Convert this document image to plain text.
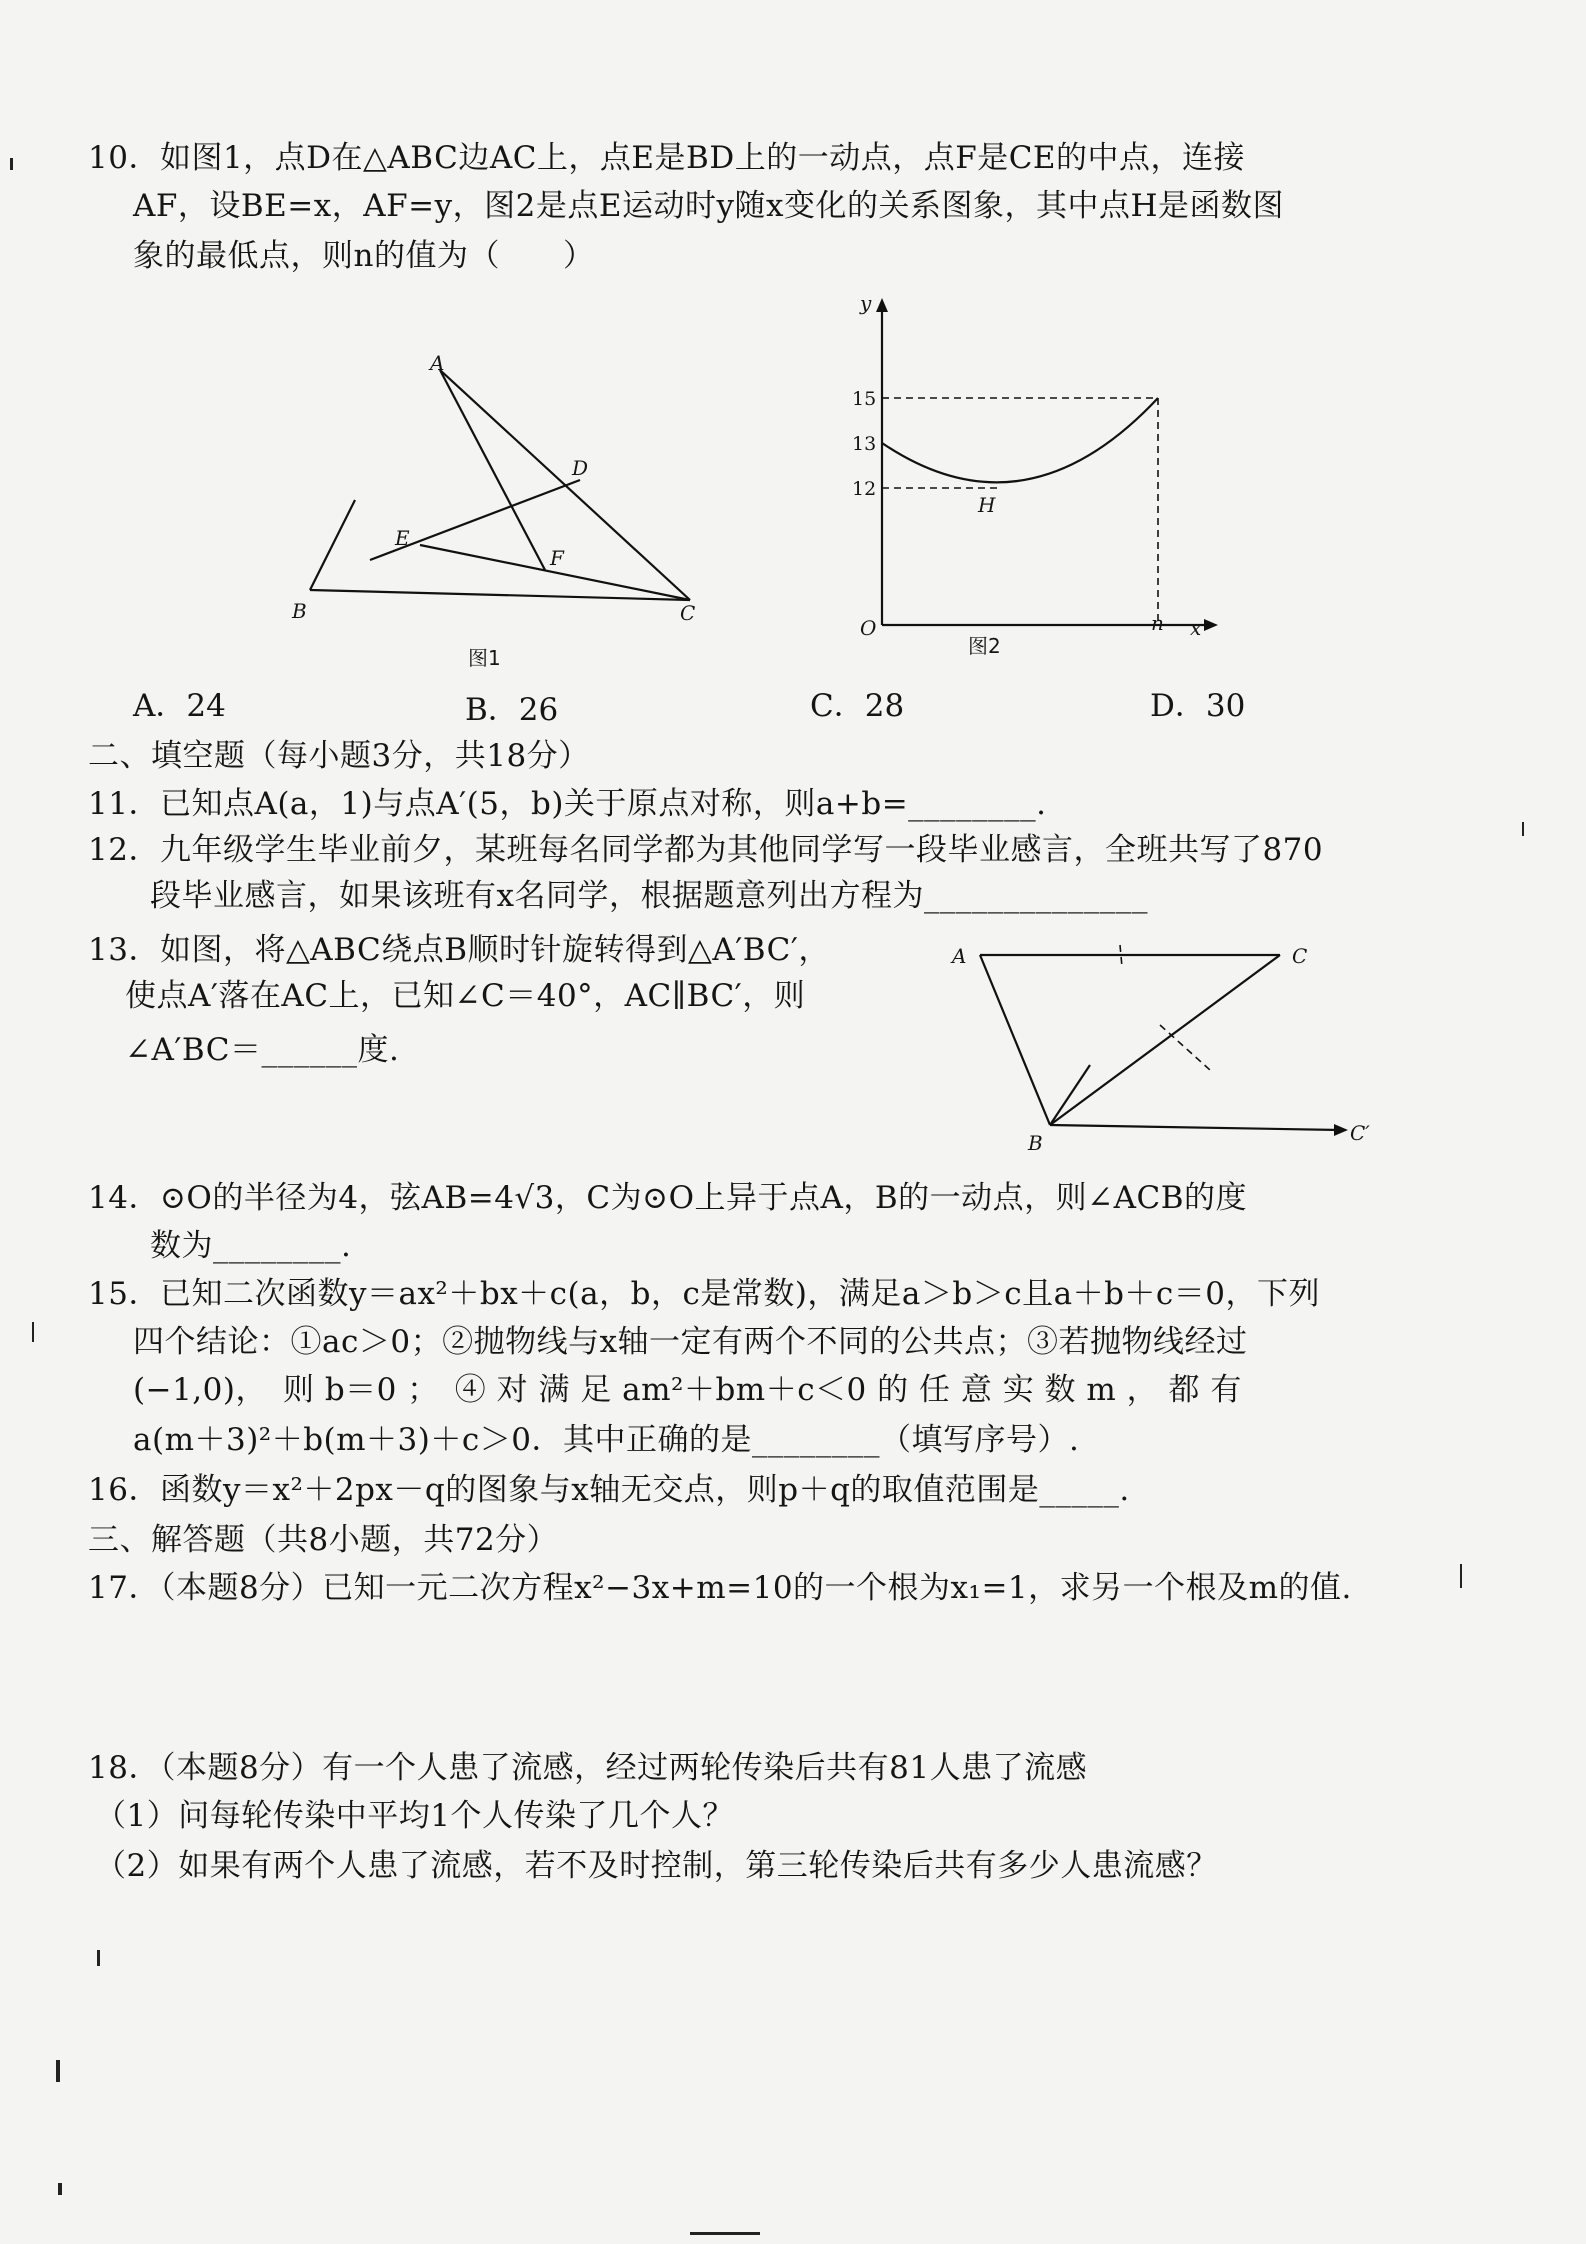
10．如图1，点D在△ABC边AC上，点E是BD上的一动点，点F是CE的中点，连接
AF，设BE=x，AF=y，图2是点E运动时y随x变化的关系图象，其中点H是函数图
象的最低点，则n的值为（　　）
A
B	C
D
E
F
图1
y
15
13
12
H
O	n x
图2
A．24	B．26	C．28	D．30
二、填空题（每小题3分，共18分）
11．已知点A(a，1)与点A′(5，b)关于原点对称，则a+b=________.
12．九年级学生毕业前夕，某班每名同学都为其他同学写一段毕业感言，全班共写了870
段毕业感言，如果该班有x名同学，根据题意列出方程为______________
13．如图，将△ABC绕点B顺时针旋转得到△A′BC′，
使点A′落在AC上，已知∠C＝40°，AC∥BC′，则
∠A′BC＝______度.
A	C
B	C′
14．⊙O的半径为4，弦AB=4√3，C为⊙O上异于点A，B的一动点，则∠ACB的度
数为________.
15．已知二次函数y＝ax²＋bx＋c(a，b，c是常数)，满足a＞b＞c且a＋b＋c＝0，下列
四个结论：①ac＞0；②抛物线与x轴一定有两个不同的公共点；③若抛物线经过
(−1,0)，　则 b＝0 ；　④ 对 满 足 am²＋bm＋c＜0 的 任 意 实 数 m ， 都 有
a(m＋3)²＋b(m＋3)＋c＞0．其中正确的是________（填写序号）.
16．函数y＝x²＋2px－q的图象与x轴无交点，则p＋q的取值范围是_____.
三、解答题（共8小题，共72分）
17．（本题8分）已知一元二次方程x²−3x+m=10的一个根为x₁=1，求另一个根及m的值.
18．（本题8分）有一个人患了流感，经过两轮传染后共有81人患了流感
（1）问每轮传染中平均1个人传染了几个人？
（2）如果有两个人患了流感，若不及时控制，第三轮传染后共有多少人患流感？
